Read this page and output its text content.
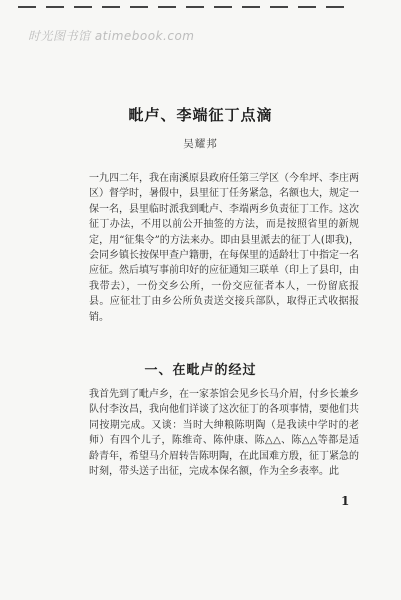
时光图书馆 atimebook.com
毗卢、李端征丁点滴
吴耀邦

一九四二年，我在南溪原县政府任第三学区（今牟坪、李庄两区）督学时，暑假中，县里征丁任务紧急，名额也大，规定一保一名，县里临时派我到毗卢、李端两乡负责征丁工作。这次征丁办法，不用以前公开抽签的方法，而是按照省里的新规定，用“征集令”的方法来办。即由县里派去的征丁人(即我)，会同乡镇长按保甲查户籍册，在每保里的适龄壮丁中指定一名应征。然后填写事前印好的应征通知三联单（印上了县印，由我带去），一份交乡公所，一份交应征者本人，一份留底报县。应征壮丁由乡公所负责送交接兵部队，取得正式收据报销。

一、在毗卢的经过

我首先到了毗卢乡，在一家茶馆会见乡长马介眉，付乡长兼乡队付李汝昌，我向他们详谈了这次征丁的各项事情，要他们共同按期完成。又谈：当时大绅粮陈明陶（是我读中学时的老师）有四个儿子，陈维奇、陈仲康、陈△△、陈△△等都是适龄青年，希望马介眉转告陈明陶，在此国难方殷，征丁紧急的时刻，带头送子出征，完成本保名额，作为全乡表率。此

1
